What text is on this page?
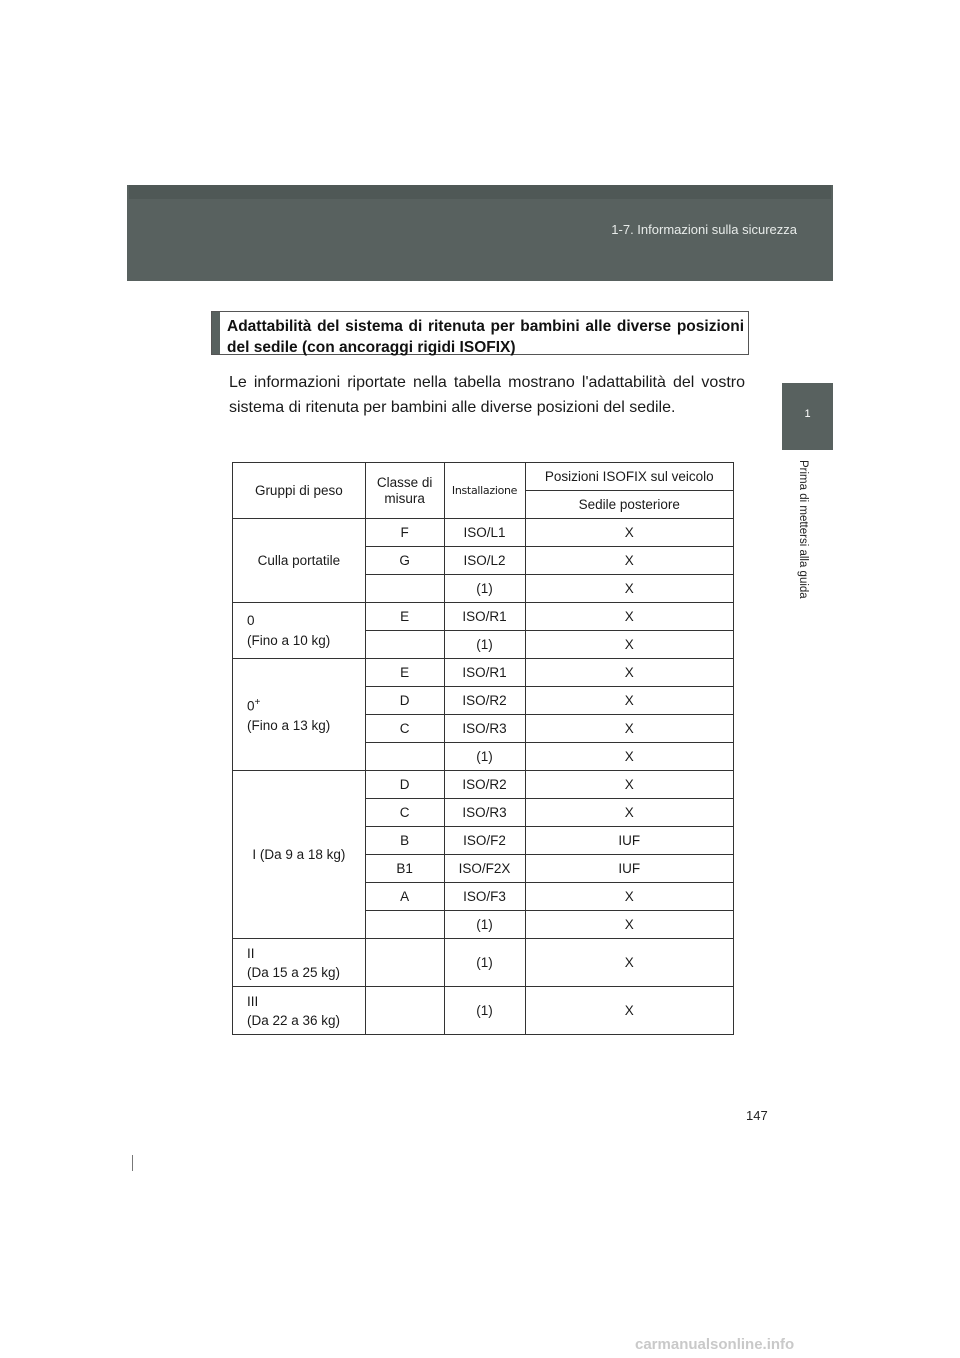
1-7. Informazioni sulla sicurezza
1
Prima di mettersi alla guida
Adattabilità del sistema di ritenuta per bambini alle diverse posizioni del sedile (con ancoraggi rigidi ISOFIX)
Le informazioni riportate nella tabella mostrano l'adattabilità del vostro sistema di ritenuta per bambini alle diverse posizioni del sedile.
Gruppi di peso	Classe di misura	Installazione	Posizioni ISOFIX sul veicolo
			Sedile posteriore
Culla portatile	F	ISO/L1	X
	G	ISO/L2	X
		(1)	X
0
(Fino a 10 kg)	E	ISO/R1	X
		(1)	X
0+
(Fino a 13 kg)	E	ISO/R1	X
	D	ISO/R2	X
	C	ISO/R3	X
		(1)	X
I (Da 9 a 18 kg)	D	ISO/R2	X
	C	ISO/R3	X
	B	ISO/F2	IUF
	B1	ISO/F2X	IUF
	A	ISO/F3	X
		(1)	X
II
(Da 15 a 25 kg)		(1)	X
III
(Da 22 a 36 kg)		(1)	X
147
carmanualsonline.info
